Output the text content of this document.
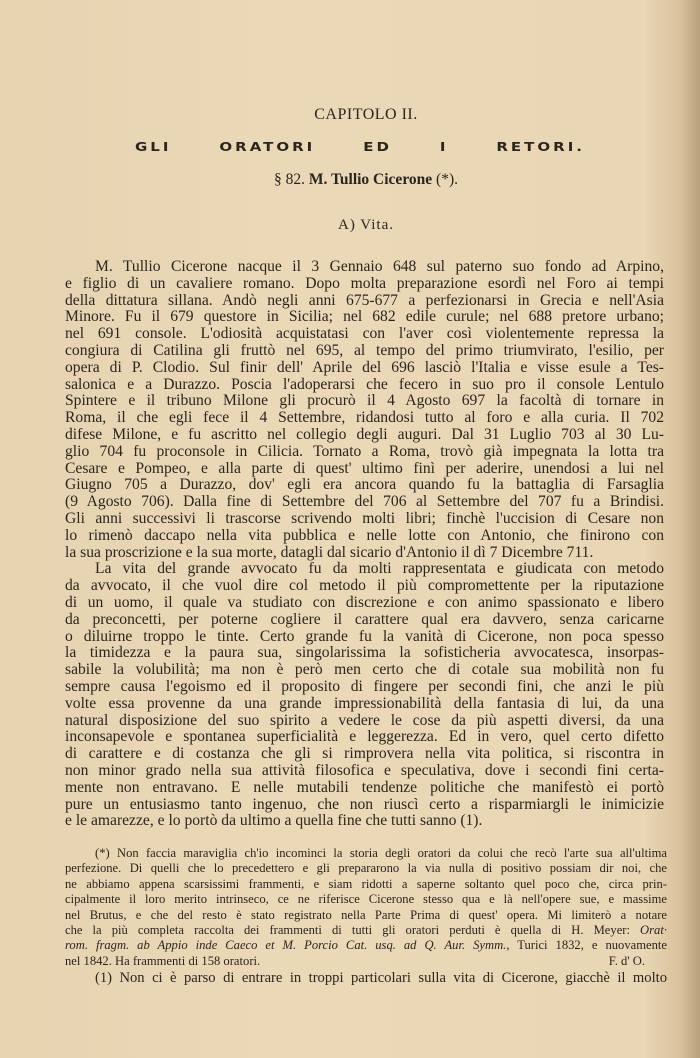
CAPITOLO II.
GLI ORATORI ED I RETORI.
§ 82. M. Tullio Cicerone (*).
A) Vita.
M. Tullio Cicerone nacque il 3 Gennaio 648 sul paterno suo fondo ad Arpino,
e figlio di un cavaliere romano. Dopo molta preparazione esordì nel Foro ai tempi
della dittatura sillana. Andò negli anni 675-677 a perfezionarsi in Grecia e nell'Asia
Minore. Fu il 679 questore in Sicilia; nel 682 edile curule; nel 688 pretore urbano;
nel 691 console. L'odiosità acquistatasi con l'aver così violentemente repressa la
congiura di Catilina gli fruttò nel 695, al tempo del primo triumvirato, l'esilio, per
opera di P. Clodio. Sul finir dell' Aprile del 696 lasciò l'Italia e visse esule a Tes-
salonica e a Durazzo. Poscia l'adoperarsi che fecero in suo pro il console Lentulo
Spintere e il tribuno Milone gli procurò il 4 Agosto 697 la facoltà di tornare in
Roma, il che egli fece il 4 Settembre, ridandosi tutto al foro e alla curia. Il 702
difese Milone, e fu ascritto nel collegio degli auguri. Dal 31 Luglio 703 al 30 Lu-
glio 704 fu proconsole in Cilicia. Tornato a Roma, trovò già impegnata la lotta tra
Cesare e Pompeo, e alla parte di quest' ultimo finì per aderire, unendosi a lui nel
Giugno 705 a Durazzo, dov' egli era ancora quando fu la battaglia di Farsaglia
(9 Agosto 706). Dalla fine di Settembre del 706 al Settembre del 707 fu a Brindisi.
Gli anni successivi li trascorse scrivendo molti libri; finchè l'uccision di Cesare non
lo rimenò daccapo nella vita pubblica e nelle lotte con Antonio, che finirono con
la sua proscrizione e la sua morte, datagli dal sicario d'Antonio il dì 7 Dicembre 711.
La vita del grande avvocato fu da molti rappresentata e giudicata con metodo
da avvocato, il che vuol dire col metodo il più compromettente per la riputazione
di un uomo, il quale va studiato con discrezione e con animo spassionato e libero
da preconcetti, per poterne cogliere il carattere qual era davvero, senza caricarne
o diluirne troppo le tinte. Certo grande fu la vanità di Cicerone, non poca spesso
la timidezza e la paura sua, singolarissima la sofisticheria avvocatesca, insorpas-
sabile la volubilità; ma non è però men certo che di cotale sua mobilità non fu
sempre causa l'egoismo ed il proposito di fingere per secondi fini, che anzi le più
volte essa provenne da una grande impressionabilità della fantasia di lui, da una
natural disposizione del suo spirito a vedere le cose da più aspetti diversi, da una
inconsapevole e spontanea superficialità e leggerezza. Ed in vero, quel certo difetto
di carattere e di costanza che gli si rimprovera nella vita politica, si riscontra in
non minor grado nella sua attività filosofica e speculativa, dove i secondi fini certa-
mente non entravano. E nelle mutabili tendenze politiche che manifestò ei portò
pure un entusiasmo tanto ingenuo, che non riuscì certo a risparmiargli le inimicizie
e le amarezze, e lo portò da ultimo a quella fine che tutti sanno (1).
(*) Non faccia maraviglia ch'io incominci la storia degli oratori da colui che recò l'arte sua all'ultima
perfezione. Di quelli che lo precedettero e gli prepararono la via nulla di positivo possiam dir noi, che
ne abbiamo appena scarsissimi frammenti, e siam ridotti a saperne soltanto quel poco che, circa prin-
cipalmente il loro merito intrinseco, ce ne riferisce Cicerone stesso qua e là nell'opere sue, e massime
nel Brutus, e che del resto è stato registrato nella Parte Prima di quest' opera. Mi limiterò a notare
che la più completa raccolta dei frammenti di tutti gli oratori perduti è quella di H. Meyer: Orat·
rom. fragm. ab Appio inde Caeco et M. Porcio Cat. usq. ad Q. Aur. Symm., Turici 1832, e nuovamente
nel 1842. Ha frammenti di 158 oratori.	F. d' O.
(1) Non ci è parso di entrare in troppi particolari sulla vita di Cicerone, giacchè il molto
